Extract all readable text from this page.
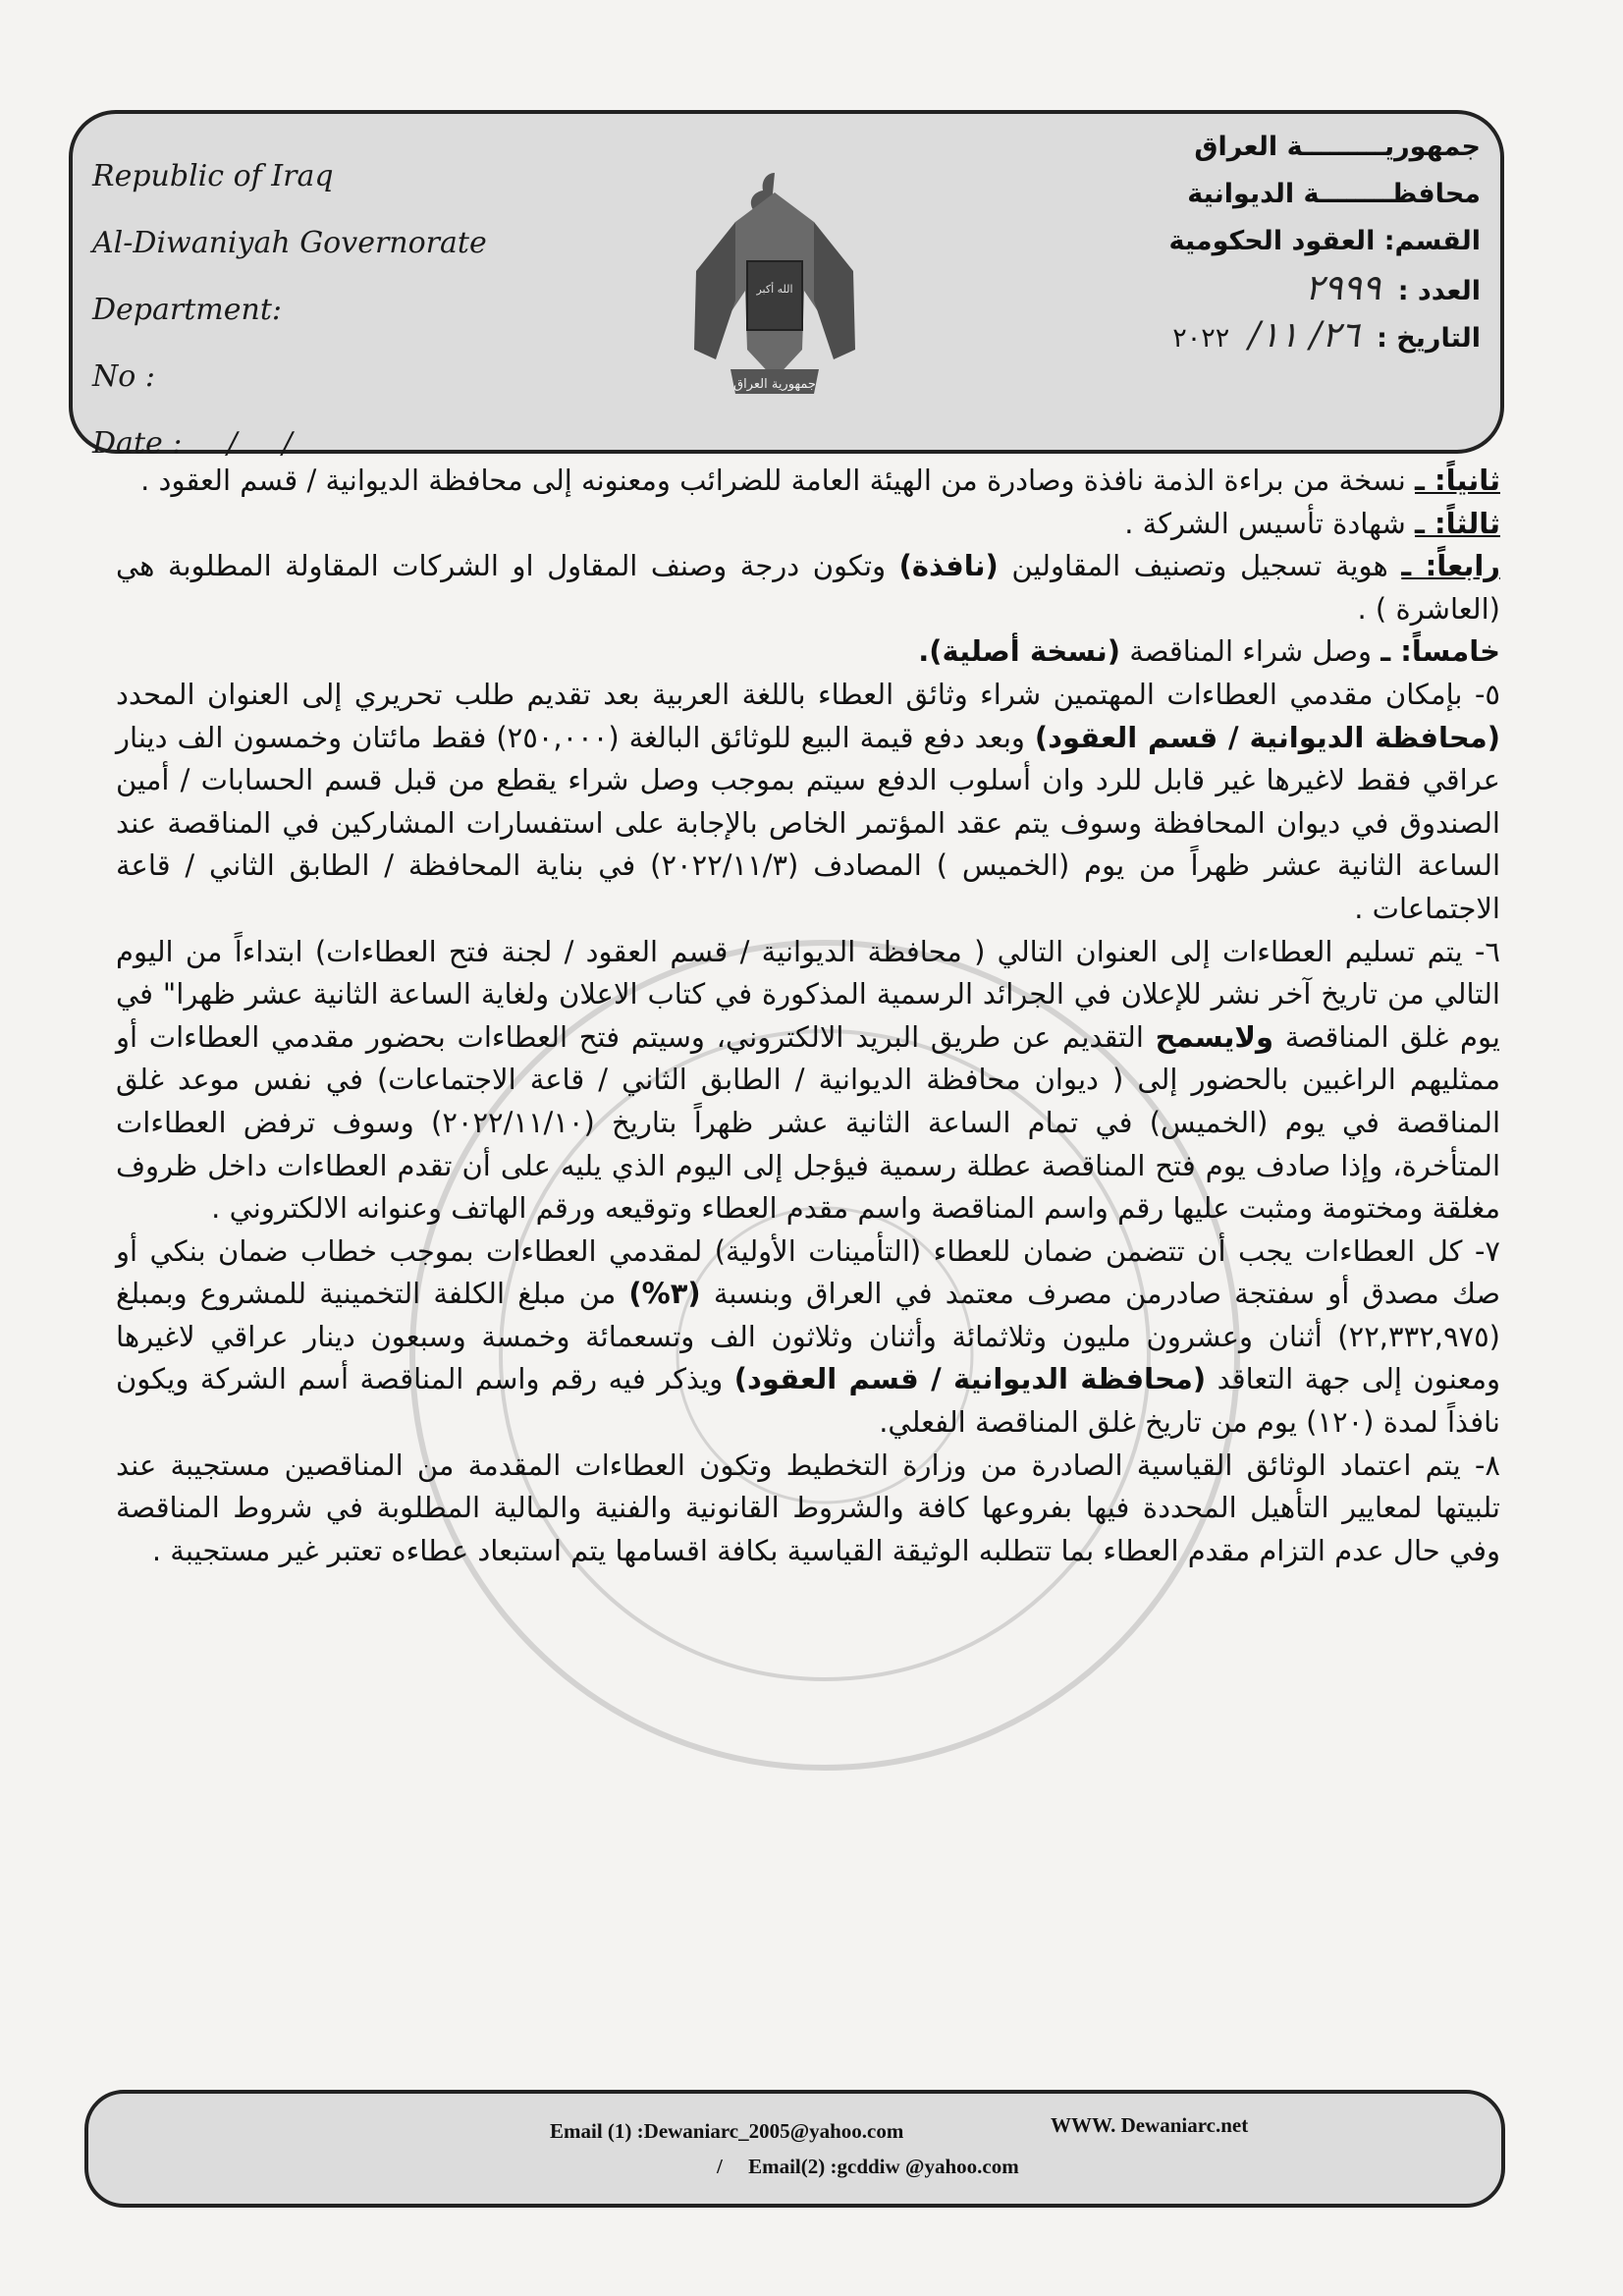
Republic of Iraq
Al-Diwaniyah Governorate
Department:
No :
Date : / /
الله أكبر
جمهورية العراق
جمهوريـــــــــة العراق
محافظــــــــة الديوانية
القسم: العقود الحكومية
العدد : ٢٩٩٩
التاريخ : ٢٦/ ١١/ ٢٠٢٢

ثانياً: ـ نسخة من براءة الذمة نافذة وصادرة من الهيئة العامة للضرائب ومعنونه إلى محافظة الديوانية / قسم العقود .

ثالثاً: ـ شهادة تأسيس الشركة .

رابعاً: ـ هوية تسجيل وتصنيف المقاولين (نافذة) وتكون درجة وصنف المقاول او الشركات المقاولة المطلوبة هي (العاشرة ) .

خامساً: ـ وصل شراء المناقصة (نسخة أصلية).

٥- بإمكان مقدمي العطاءات المهتمين شراء وثائق العطاء باللغة العربية بعد تقديم طلب تحريري إلى العنوان المحدد (محافظة الديوانية / قسم العقود) وبعد دفع قيمة البيع للوثائق البالغة (٢٥٠,٠٠٠) فقط مائتان وخمسون الف دينار عراقي فقط لاغيرها غير قابل للرد وان أسلوب الدفع سيتم بموجب وصل شراء يقطع من قبل قسم الحسابات / أمين الصندوق في ديوان المحافظة وسوف يتم عقد المؤتمر الخاص بالإجابة على استفسارات المشاركين في المناقصة عند الساعة الثانية عشر ظهراً من يوم (الخميس ) المصادف (٢٠٢٢/١١/٣) في بناية المحافظة / الطابق الثاني / قاعة الاجتماعات .

٦- يتم تسليم العطاءات إلى العنوان التالي ( محافظة الديوانية / قسم العقود / لجنة فتح العطاءات) ابتداءاً من اليوم التالي من تاريخ آخر نشر للإعلان في الجرائد الرسمية المذكورة في كتاب الاعلان ولغاية الساعة الثانية عشر ظهرا" في يوم غلق المناقصة ولايسمح التقديم عن طريق البريد الالكتروني، وسيتم فتح العطاءات بحضور مقدمي العطاءات أو ممثليهم الراغبين بالحضور إلى ( ديوان محافظة الديوانية / الطابق الثاني / قاعة الاجتماعات) في نفس موعد غلق المناقصة في يوم (الخميس) في تمام الساعة الثانية عشر ظهراً بتاريخ (٢٠٢٢/١١/١٠) وسوف ترفض العطاءات المتأخرة، وإذا صادف يوم فتح المناقصة عطلة رسمية فيؤجل إلى اليوم الذي يليه على أن تقدم العطاءات داخل ظروف مغلقة ومختومة ومثبت عليها رقم واسم المناقصة واسم مقدم العطاء وتوقيعه ورقم الهاتف وعنوانه الالكتروني .

٧- كل العطاءات يجب أن تتضمن ضمان للعطاء (التأمينات الأولية) لمقدمي العطاءات بموجب خطاب ضمان بنكي أو صك مصدق أو سفتجة صادرمن مصرف معتمد في العراق وبنسبة (٣%) من مبلغ الكلفة التخمينية للمشروع وبمبلغ (٢٢,٣٣٢,٩٧٥) أثنان وعشرون مليون وثلاثمائة وأثنان وثلاثون الف وتسعمائة وخمسة وسبعون دينار عراقي لاغيرها ومعنون إلى جهة التعاقد (محافظة الديوانية / قسم العقود) ويذكر فيه رقم واسم المناقصة أسم الشركة ويكون نافذاً لمدة (١٢٠) يوم من تاريخ غلق المناقصة الفعلي.

٨- يتم اعتماد الوثائق القياسية الصادرة من وزارة التخطيط وتكون العطاءات المقدمة من المناقصين مستجيبة عند تلبيتها لمعايير التأهيل المحددة فيها بفروعها كافة والشروط القانونية والفنية والمالية المطلوبة في شروط المناقصة وفي حال عدم التزام مقدم العطاء بما تتطلبه الوثيقة القياسية بكافة اقسامها يتم استبعاد عطاءه تعتبر غير مستجيبة .

Email (1) :Dewaniarc_2005@yahoo.com	WWW. Dewaniarc.net
/ Email(2) :gcddiw @yahoo.com
